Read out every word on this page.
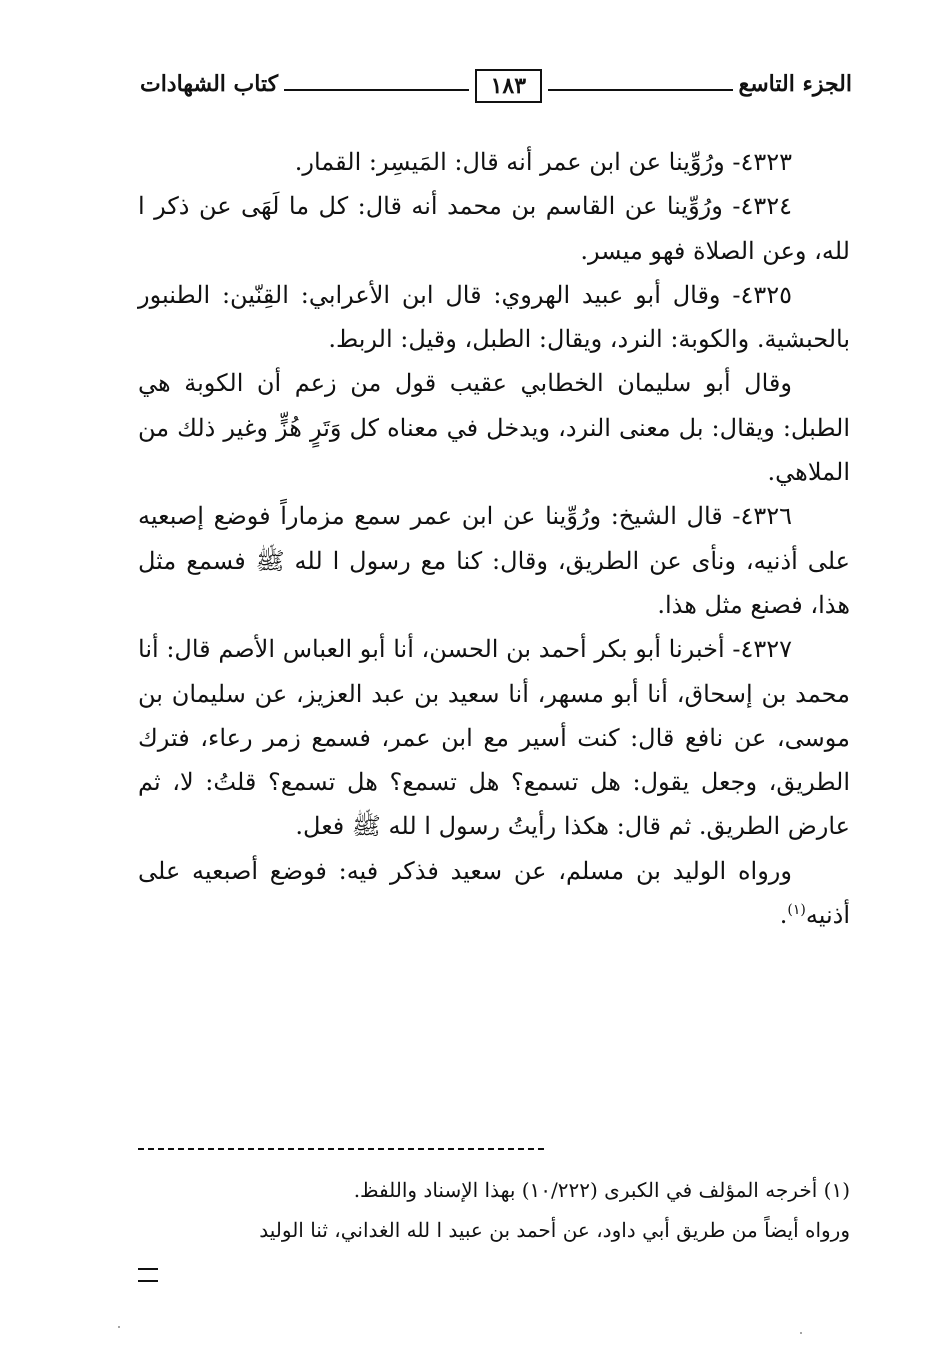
الجزء التاسع
١٨٣
كتاب الشهادات

٤٣٢٣- ورُوِّينا عن ابن عمر أنه قال: المَيسِر: القمار.

٤٣٢٤- ورُوِّينا عن القاسم بن محمد أنه قال: كل ما لَهَى عن ذكر ا لله، وعن الصلاة فهو ميسر.

٤٣٢٥- وقال أبو عبيد الهروي: قال ابن الأعرابي: القِنّين: الطنبور بالحبشية. والكوبة: النرد، ويقال: الطبل، وقيل: الربط.

وقال أبو سليمان الخطابي عقيب قول من زعم أن الكوبة هي الطبل: ويقال: بل معنى النرد، ويدخل في معناه كل وَتَرٍ هُزٍّ وغير ذلك من الملاهي.

٤٣٢٦- قال الشيخ: ورُوِّينا عن ابن عمر سمع مزماراً فوضع إصبعيه على أذنيه، ونأى عن الطريق، وقال: كنا مع رسول ا لله ﷺ فسمع مثل هذا، فصنع مثل هذا.

٤٣٢٧- أخبرنا أبو بكر أحمد بن الحسن، أنا أبو العباس الأصم قال: أنا محمد بن إسحاق، أنا أبو مسهر، أنا سعيد بن عبد العزيز، عن سليمان بن موسى، عن نافع قال: كنت أسير مع ابن عمر، فسمع زمر رعاء، فترك الطريق، وجعل يقول: هل تسمع؟ هل تسمع؟ هل تسمع؟ قلتُ: لا، ثم عارض الطريق. ثم قال: هكذا رأيتُ رسول ا لله ﷺ فعل.

ورواه الوليد بن مسلم، عن سعيد فذكر فيه: فوضع أصبعيه على أذنيه$^{(١)}$.

(١) أخرجه المؤلف في الكبرى (١٠/٢٢٢) بهذا الإسناد واللفظ.

ورواه أيضاً من طريق أبي داود، عن أحمد بن عبيد ا لله الغداني، ثنا الوليد
